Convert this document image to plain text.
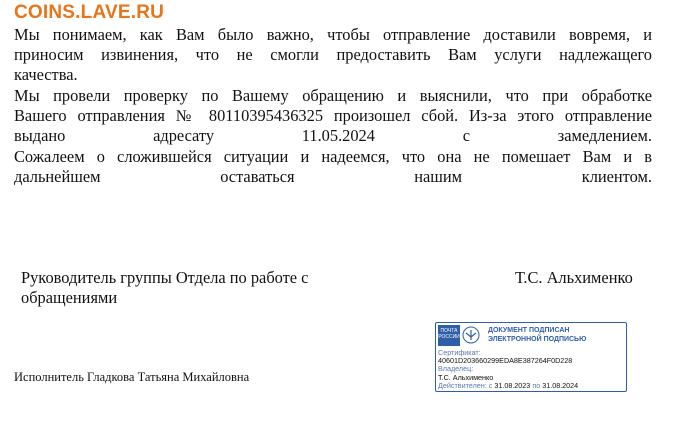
COINS.LAVE.RU
Мы понимаем, как Вам было важно, чтобы отправление доставили вовремя, и
приносим извинения, что не смогли предоставить Вам услуги надлежащего
качества.
Мы провели проверку по Вашему обращению и выяснили, что при обработке
Вашего отправления № 80110395436325 произошел сбой. Из-за этого отправление
выдано адресату 11.05.2024 с замедлением.
Сожалеем о сложившейся ситуации и надеемся, что она не помешает Вам и в
дальнейшем оставаться нашим клиентом.
Руководитель группы Отдела по работе с
обращениями
Т.С. Альхименко
Исполнитель Гладкова Татьяна Михайловна
ПОЧТА РОССИИ
ДОКУМЕНТ ПОДПИСАН
ЭЛЕКТРОННОЙ ПОДПИСЬЮ
Сертификат:
40601D203660299EDA8E387264F0D228
Владелец:
Т.С. Альхименко
Действителен: с 31.08.2023 по 31.08.2024
